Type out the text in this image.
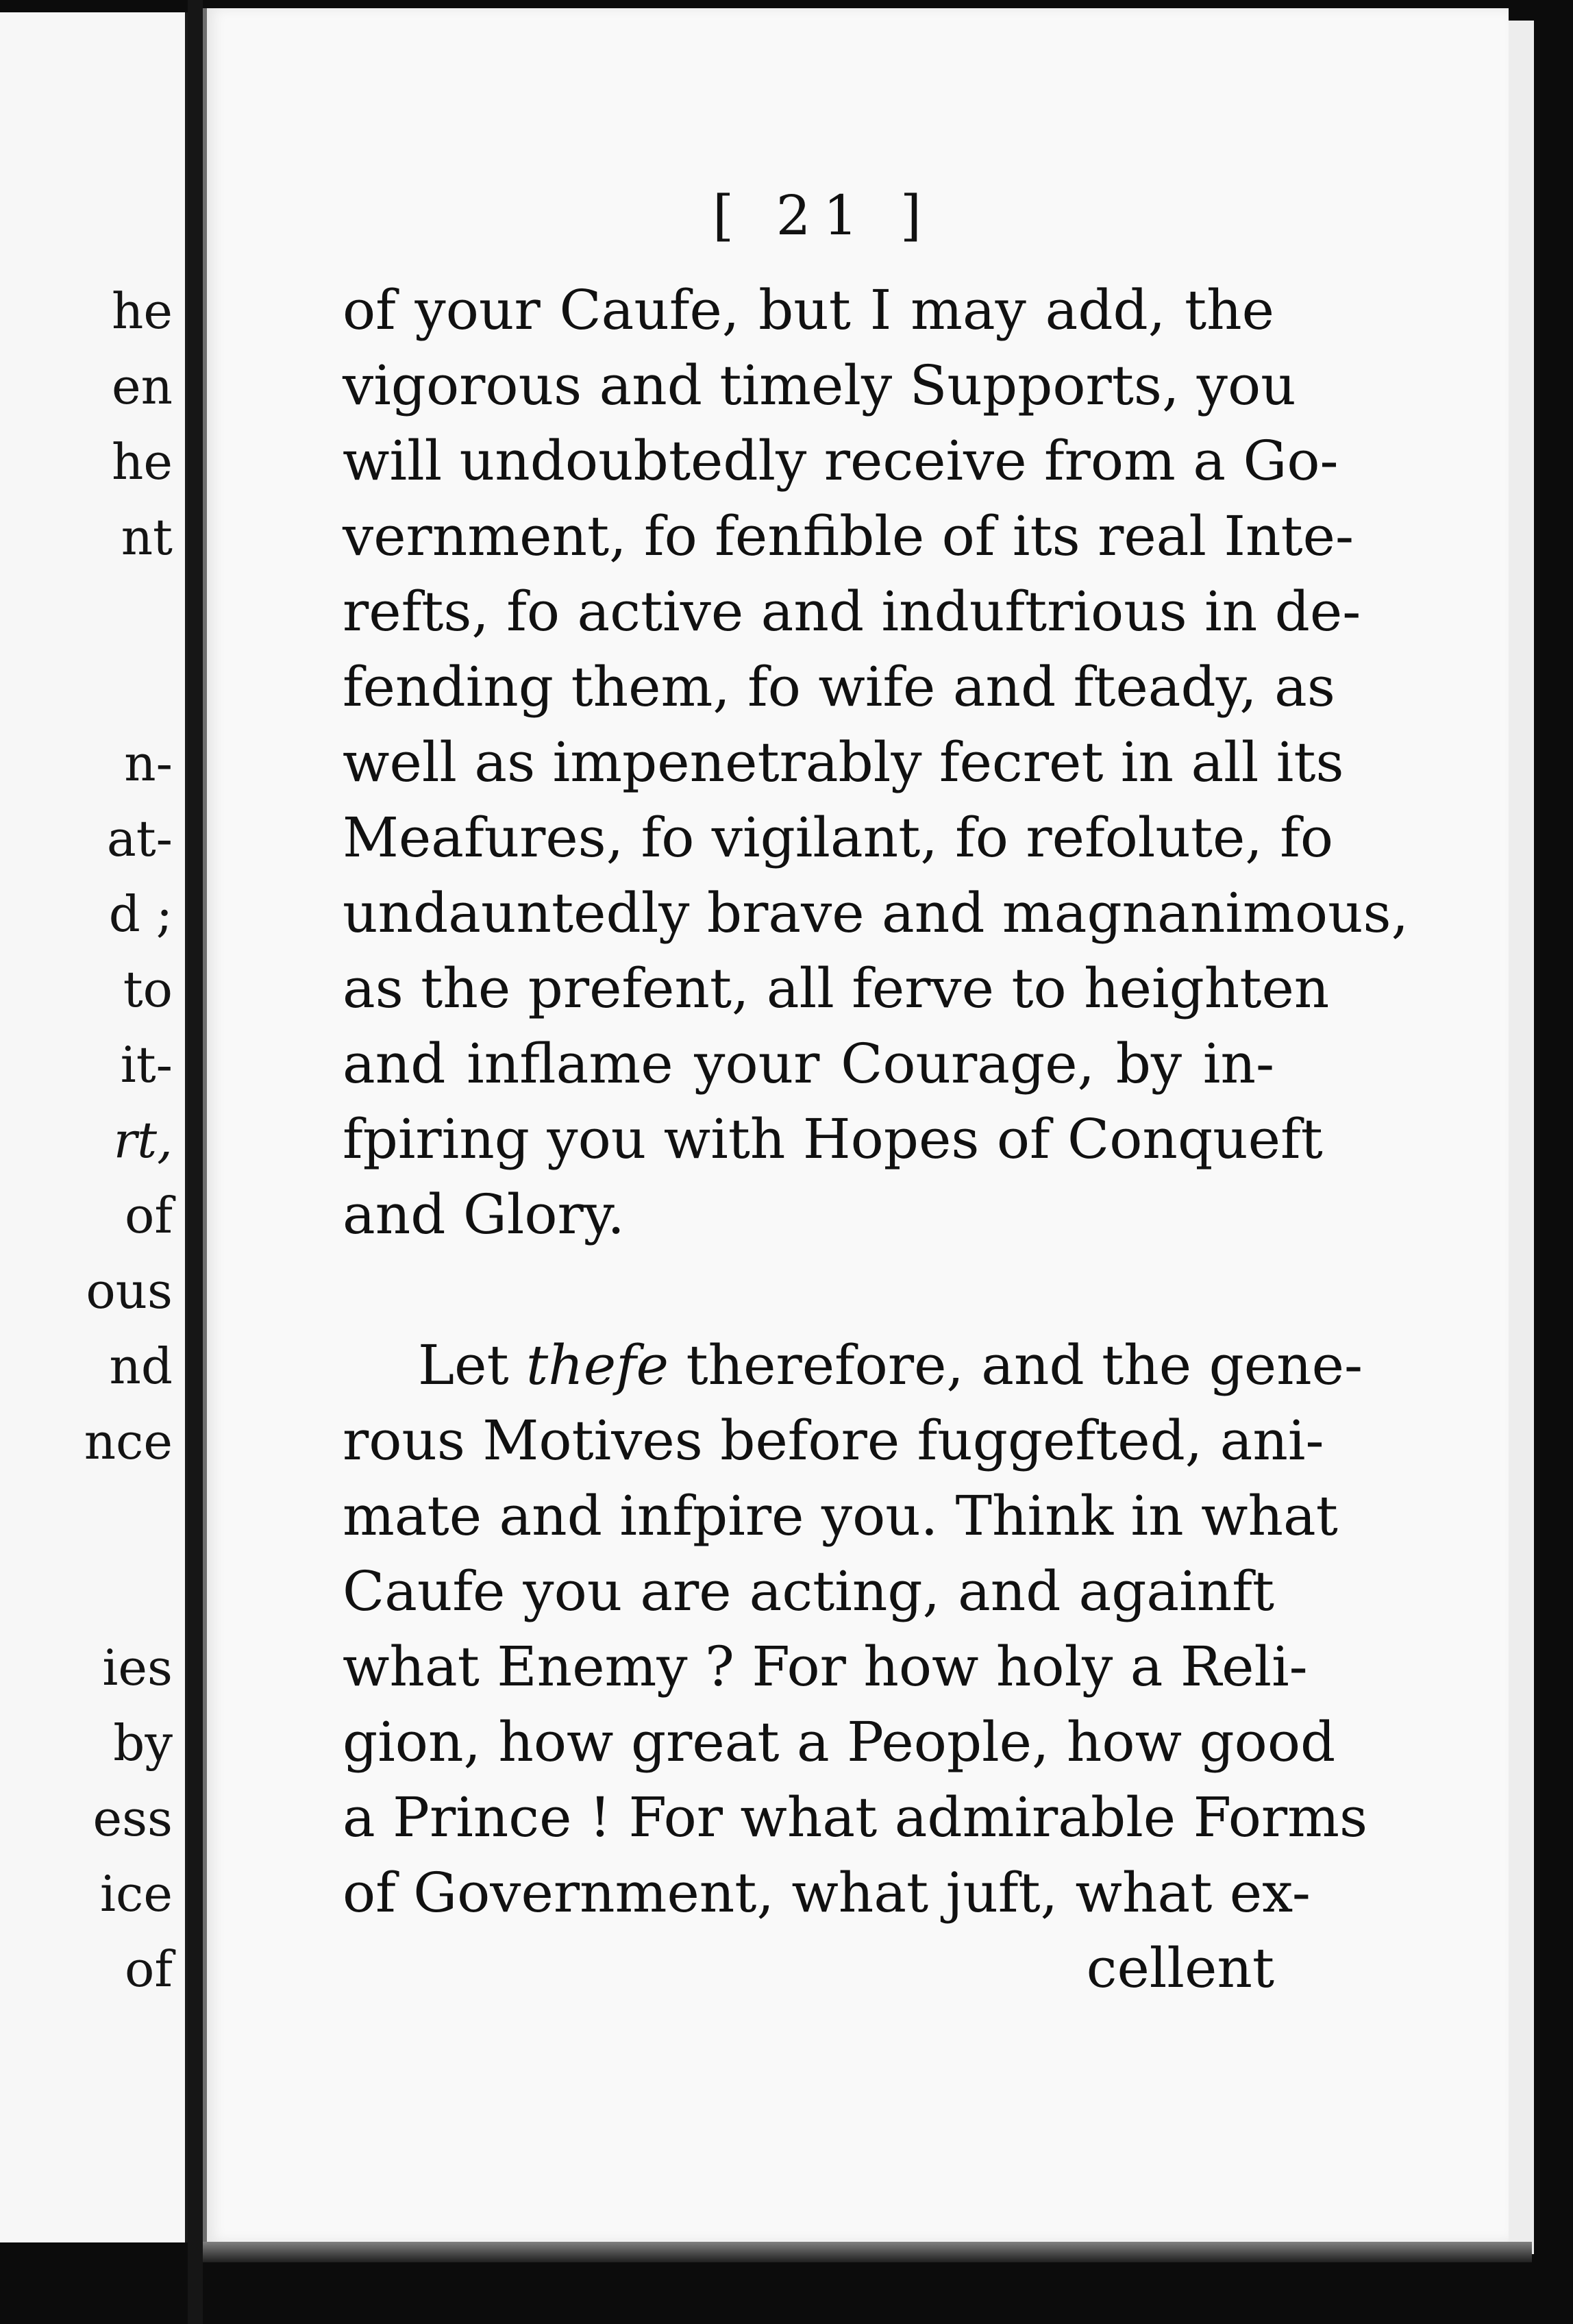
he
en
he
nt
n-
at-
d ;
to
it-
rt,
of
ous
nd
nce
ies
by
ess
ice
of
[ 21 ]
of your Caufe, but I may add, the
vigorous and timely Supports, you
will undoubtedly receive from a Go-
vernment, fo fenfible of its real Inte-
refts, fo active and induftrious in de-
fending them, fo wife and fteady, as
well as impenetrably fecret in all its
Meafures, fo vigilant, fo refolute, fo
undauntedly brave and magnanimous,
as the prefent, all ferve to heighten
and inflame your Courage, by in-
fpiring you with Hopes of Conqueft
and Glory.
Let thefe therefore, and the gene-
rous Motives before fuggefted, ani-
mate and infpire you. Think in what
Caufe you are acting, and againft
what Enemy ? For how holy a Reli-
gion, how great a People, how good
a Prince ! For what admirable Forms
of Government, what juft, what ex-
cellent
